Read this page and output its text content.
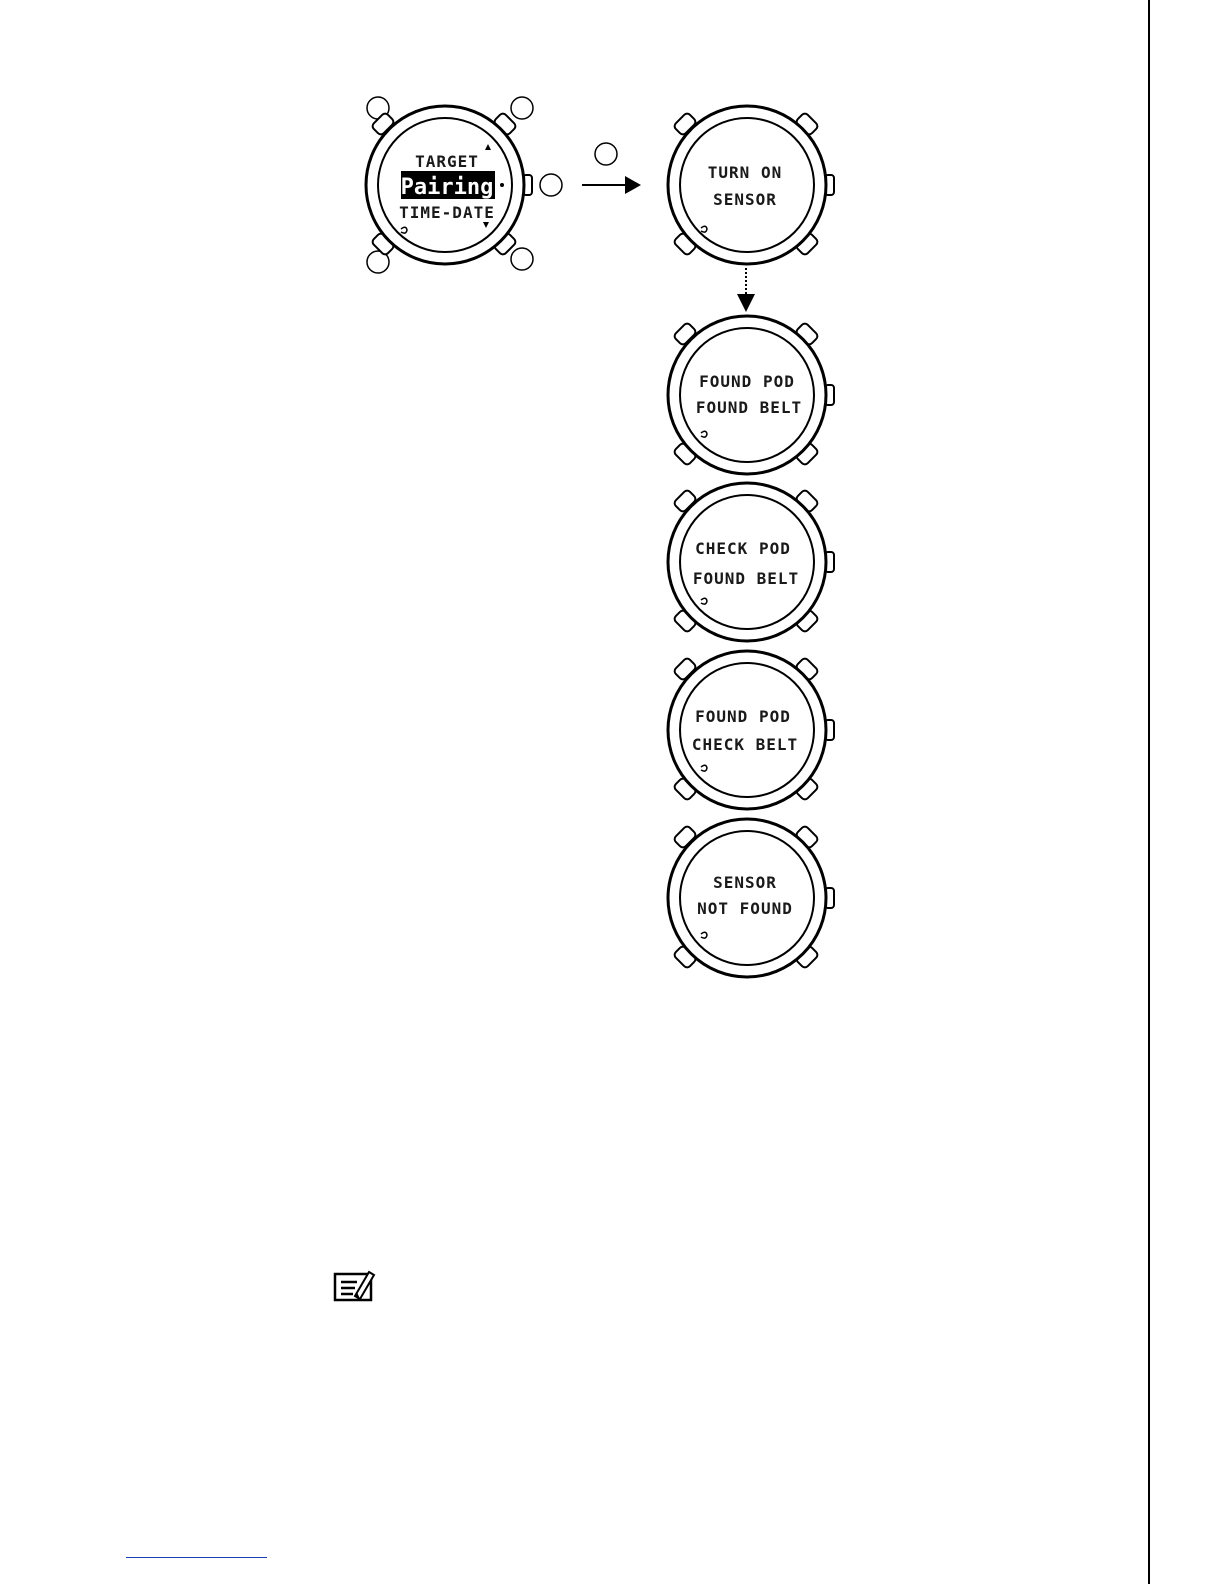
TARGET
Pairing
TIME-DATE
TURN ON
SENSOR
FOUND POD
FOUND BELT
CHECK POD
FOUND BELT
FOUND POD
CHECK BELT
SENSOR
NOT FOUND
